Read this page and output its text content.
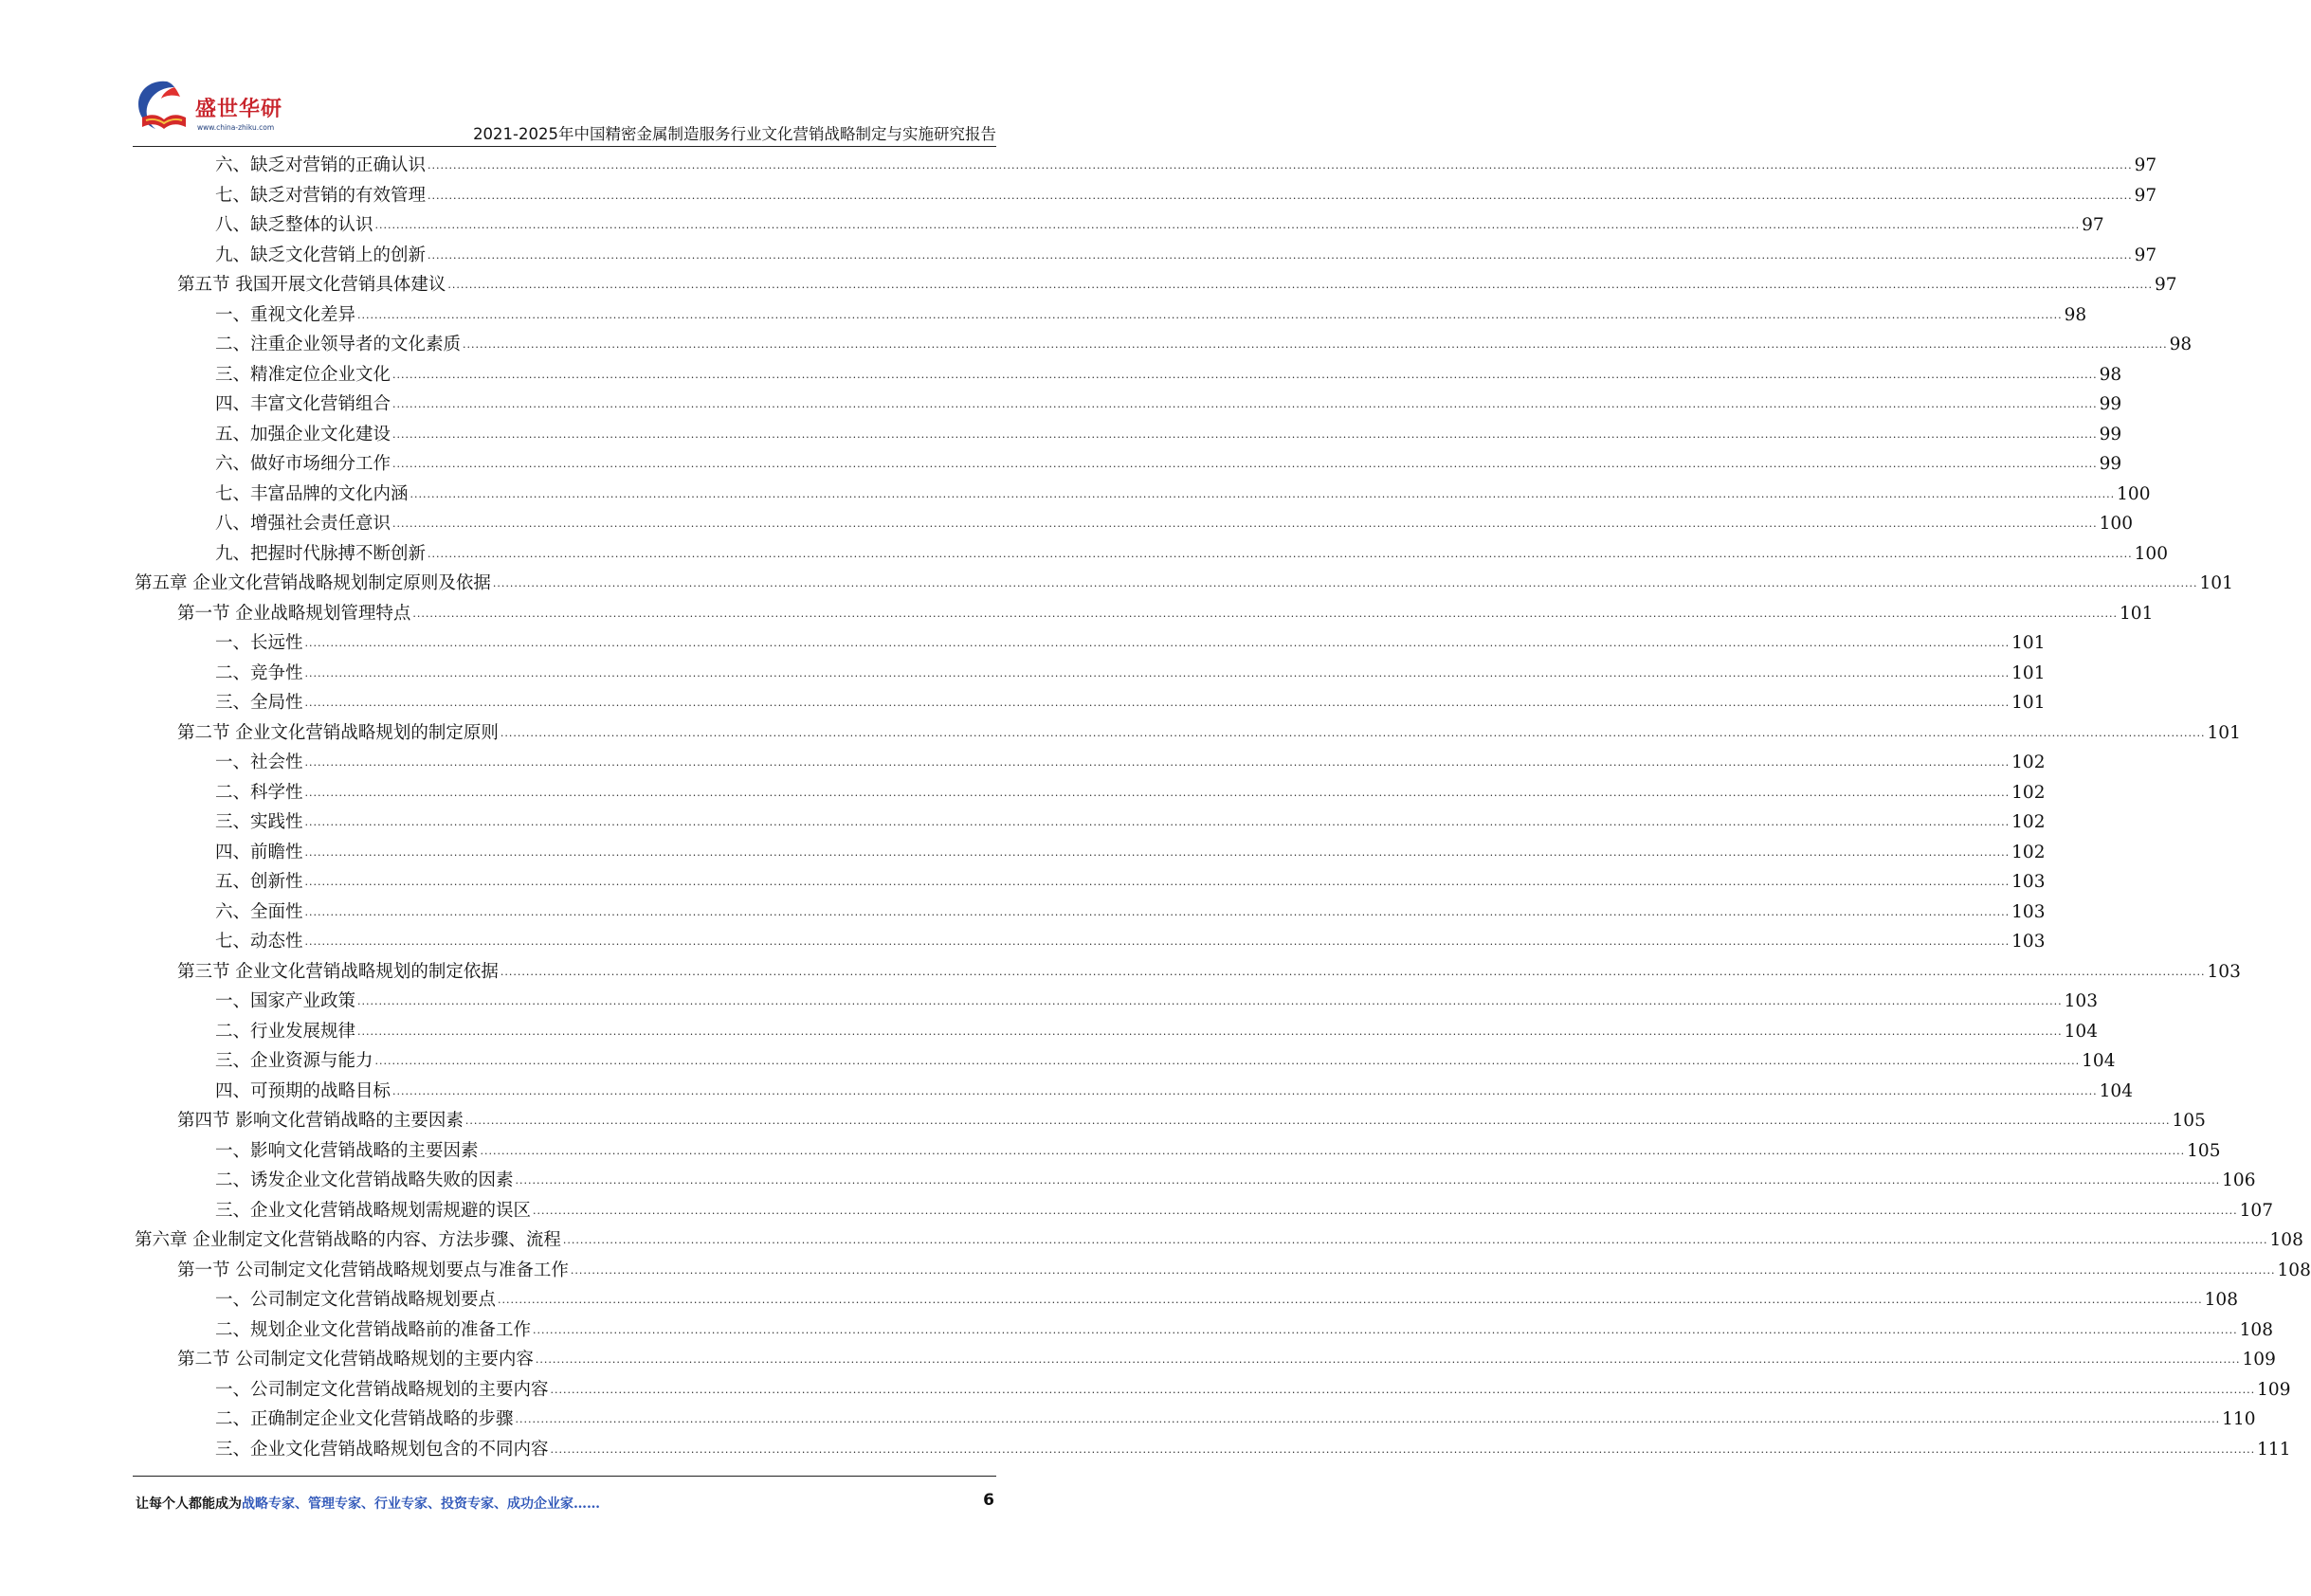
盛世华研
www.china-zhiku.com	2021-2025年中国精密金属制造服务行业文化营销战略制定与实施研究报告
六、缺乏对营销的正确认识 ................................................................................................................................................................................................................................................................................................................................................................................................................ 97
七、缺乏对营销的有效管理 ................................................................................................................................................................................................................................................................................................................................................................................................................ 97
八、缺乏整体的认识 ................................................................................................................................................................................................................................................................................................................................................................................................................ 97
九、缺乏文化营销上的创新 ................................................................................................................................................................................................................................................................................................................................................................................................................ 97
第五节 我国开展文化营销具体建议 ................................................................................................................................................................................................................................................................................................................................................................................................................ 97
一、重视文化差异 ................................................................................................................................................................................................................................................................................................................................................................................................................ 98
二、注重企业领导者的文化素质 ................................................................................................................................................................................................................................................................................................................................................................................................................ 98
三、精准定位企业文化 ................................................................................................................................................................................................................................................................................................................................................................................................................ 98
四、丰富文化营销组合 ................................................................................................................................................................................................................................................................................................................................................................................................................ 99
五、加强企业文化建设 ................................................................................................................................................................................................................................................................................................................................................................................................................ 99
六、做好市场细分工作 ................................................................................................................................................................................................................................................................................................................................................................................................................ 99
七、丰富品牌的文化内涵 ................................................................................................................................................................................................................................................................................................................................................................................................................ 100
八、增强社会责任意识 ................................................................................................................................................................................................................................................................................................................................................................................................................ 100
九、把握时代脉搏不断创新 ................................................................................................................................................................................................................................................................................................................................................................................................................ 100
第五章 企业文化营销战略规划制定原则及依据 ................................................................................................................................................................................................................................................................................................................................................................................................................ 101
第一节 企业战略规划管理特点 ................................................................................................................................................................................................................................................................................................................................................................................................................ 101
一、长远性 ................................................................................................................................................................................................................................................................................................................................................................................................................ 101
二、竞争性 ................................................................................................................................................................................................................................................................................................................................................................................................................ 101
三、全局性 ................................................................................................................................................................................................................................................................................................................................................................................................................ 101
第二节 企业文化营销战略规划的制定原则 ................................................................................................................................................................................................................................................................................................................................................................................................................ 101
一、社会性 ................................................................................................................................................................................................................................................................................................................................................................................................................ 102
二、科学性 ................................................................................................................................................................................................................................................................................................................................................................................................................ 102
三、实践性 ................................................................................................................................................................................................................................................................................................................................................................................................................ 102
四、前瞻性 ................................................................................................................................................................................................................................................................................................................................................................................................................ 102
五、创新性 ................................................................................................................................................................................................................................................................................................................................................................................................................ 103
六、全面性 ................................................................................................................................................................................................................................................................................................................................................................................................................ 103
七、动态性 ................................................................................................................................................................................................................................................................................................................................................................................................................ 103
第三节 企业文化营销战略规划的制定依据 ................................................................................................................................................................................................................................................................................................................................................................................................................ 103
一、国家产业政策 ................................................................................................................................................................................................................................................................................................................................................................................................................ 103
二、行业发展规律 ................................................................................................................................................................................................................................................................................................................................................................................................................ 104
三、企业资源与能力 ................................................................................................................................................................................................................................................................................................................................................................................................................ 104
四、可预期的战略目标 ................................................................................................................................................................................................................................................................................................................................................................................................................ 104
第四节 影响文化营销战略的主要因素 ................................................................................................................................................................................................................................................................................................................................................................................................................ 105
一、影响文化营销战略的主要因素 ................................................................................................................................................................................................................................................................................................................................................................................................................ 105
二、诱发企业文化营销战略失败的因素 ................................................................................................................................................................................................................................................................................................................................................................................................................ 106
三、企业文化营销战略规划需规避的误区 ................................................................................................................................................................................................................................................................................................................................................................................................................ 107
第六章 企业制定文化营销战略的内容、方法步骤、流程 ................................................................................................................................................................................................................................................................................................................................................................................................................ 108
第一节 公司制定文化营销战略规划要点与准备工作 ................................................................................................................................................................................................................................................................................................................................................................................................................ 108
一、公司制定文化营销战略规划要点 ................................................................................................................................................................................................................................................................................................................................................................................................................ 108
二、规划企业文化营销战略前的准备工作 ................................................................................................................................................................................................................................................................................................................................................................................................................ 108
第二节 公司制定文化营销战略规划的主要内容 ................................................................................................................................................................................................................................................................................................................................................................................................................ 109
一、公司制定文化营销战略规划的主要内容 ................................................................................................................................................................................................................................................................................................................................................................................................................ 109
二、正确制定企业文化营销战略的步骤 ................................................................................................................................................................................................................................................................................................................................................................................................................ 110
三、企业文化营销战略规划包含的不同内容 ................................................................................................................................................................................................................................................................................................................................................................................................................ 111
让每个人都能成为战略专家、管理专家、行业专家、投资专家、成功企业家……	6
